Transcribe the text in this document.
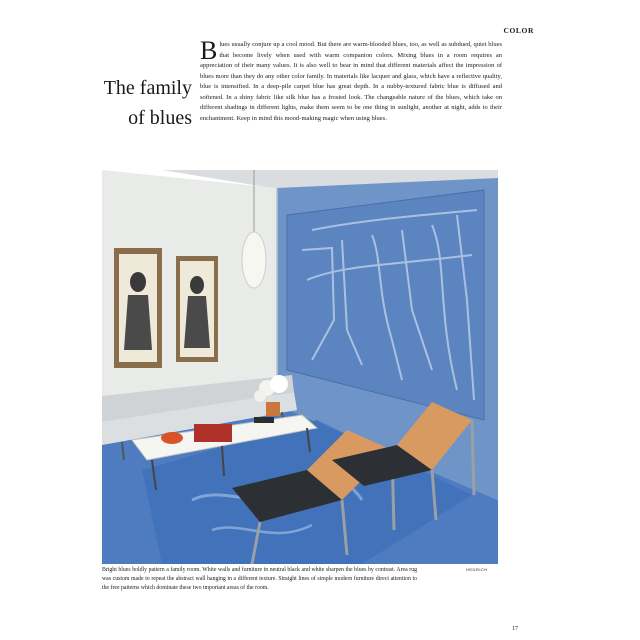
COLOR
The family
of blues

Blues usually conjure up a cool mood. But there are warm-blooded blues, too, as well as subdued, quiet blues that become lively when used with warm companion colors. Mixing blues in a room requires an appreciation of their many values. It is also well to bear in mind that different materials affect the impression of blues more than they do any other color family. In materials like lacquer and glass, which have a reflective quality, blue is intensified. In a deep-pile carpet blue has great depth. In a nubby-textured fabric blue is diffused and softened. In a shiny fabric like silk blue has a frosted look. The changeable nature of the blues, which take on different shadings in different lights, make them seem to be one thing in sunlight, another at night, adds to their enchantment. Keep in mind this mood-making magic when using blues.

Bright blues boldly pattern a family room. White walls and furniture in neutral black and white sharpen the blues by contrast. Area rug was custom made to repeat the abstract wall hanging in a different texture. Straight lines of simple modern furniture direct attention to the free patterns which dominate these two important areas of the room.

HEDRICH
17
